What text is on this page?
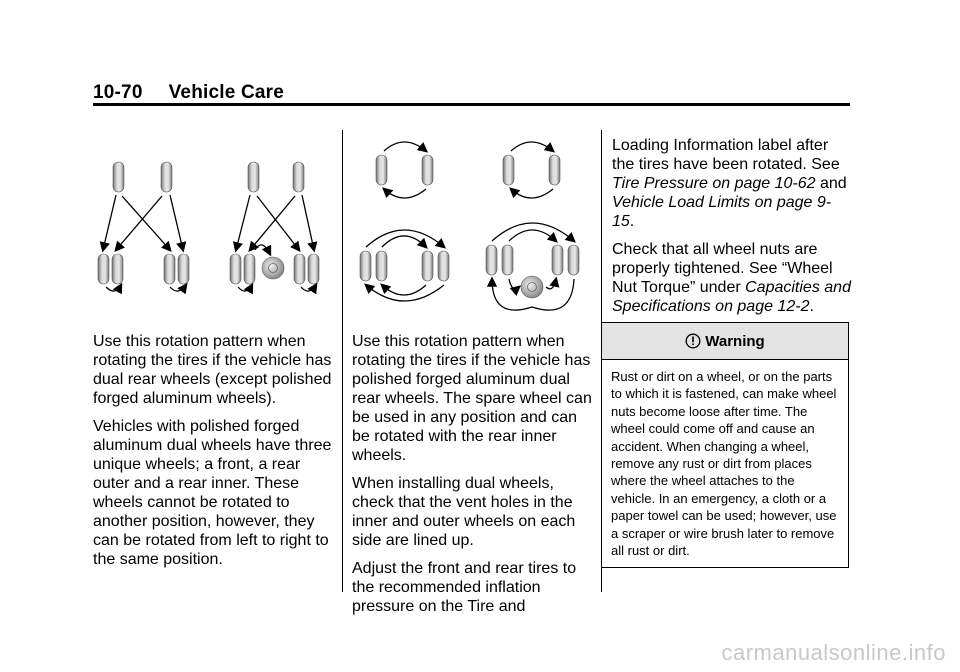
10-70 Vehicle Care

Use this rotation pattern when rotating the tires if the vehicle has dual rear wheels (except polished forged aluminum wheels).

Vehicles with polished forged aluminum dual wheels have three unique wheels; a front, a rear outer and a rear inner. These wheels cannot be rotated to another position, however, they can be rotated from left to right to the same position.

Use this rotation pattern when rotating the tires if the vehicle has polished forged aluminum dual rear wheels. The spare wheel can be used in any position and can be rotated with the rear inner wheels.

When installing dual wheels, check that the vent holes in the inner and outer wheels on each side are lined up.

Adjust the front and rear tires to the recommended inflation pressure on the Tire and

Loading Information label after the tires have been rotated. See Tire Pressure on page 10-62 and Vehicle Load Limits on page 9-15.

Check that all wheel nuts are properly tightened. See “Wheel Nut Torque” under Capacities and Specifications on page 12-2.

Warning
Rust or dirt on a wheel, or on the parts to which it is fastened, can make wheel nuts become loose after time. The wheel could come off and cause an accident. When changing a wheel, remove any rust or dirt from places where the wheel attaches to the vehicle. In an emergency, a cloth or a paper towel can be used; however, use a scraper or wire brush later to remove all rust or dirt.
carmanualsonline.info
